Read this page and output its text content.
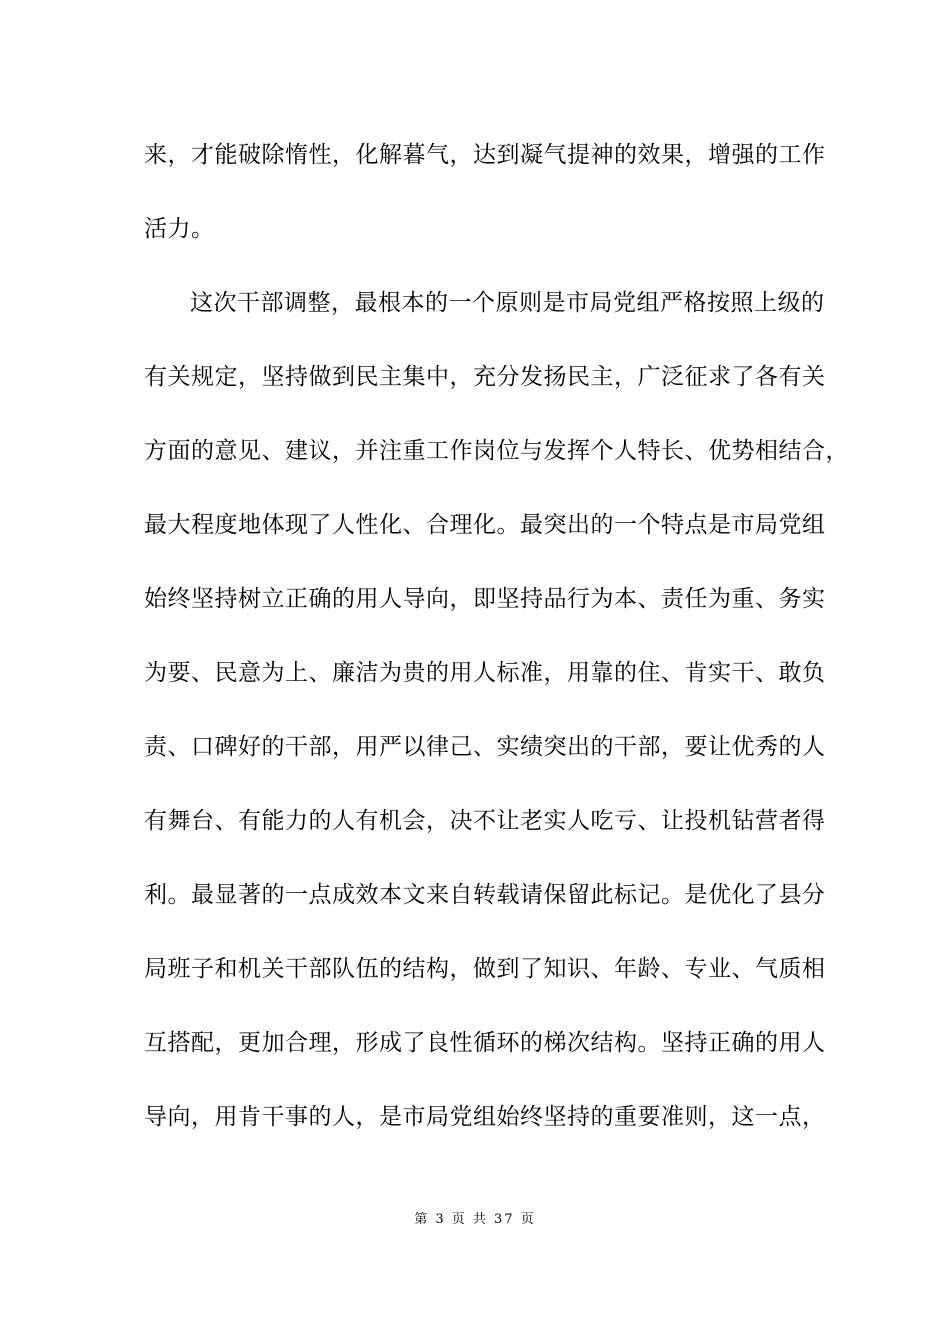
来，才能破除惰性，化解暮气，达到凝气提神的效果，增强的工作
活力。
这次干部调整，最根本的一个原则是市局党组严格按照上级的
有关规定，坚持做到民主集中，充分发扬民主，广泛征求了各有关
方面的意见、建议，并注重工作岗位与发挥个人特长、优势相结合，
最大程度地体现了人性化、合理化。最突出的一个特点是市局党组
始终坚持树立正确的用人导向，即坚持品行为本、责任为重、务实
为要、民意为上、廉洁为贵的用人标准，用靠的住、肯实干、敢负
责、口碑好的干部，用严以律己、实绩突出的干部，要让优秀的人
有舞台、有能力的人有机会，决不让老实人吃亏、让投机钻营者得
利。最显著的一点成效本文来自转载请保留此标记。是优化了县分
局班子和机关干部队伍的结构，做到了知识、年龄、专业、气质相
互搭配，更加合理，形成了良性循环的梯次结构。坚持正确的用人
导向，用肯干事的人，是市局党组始终坚持的重要准则，这一点，
第 3 页 共 37 页
